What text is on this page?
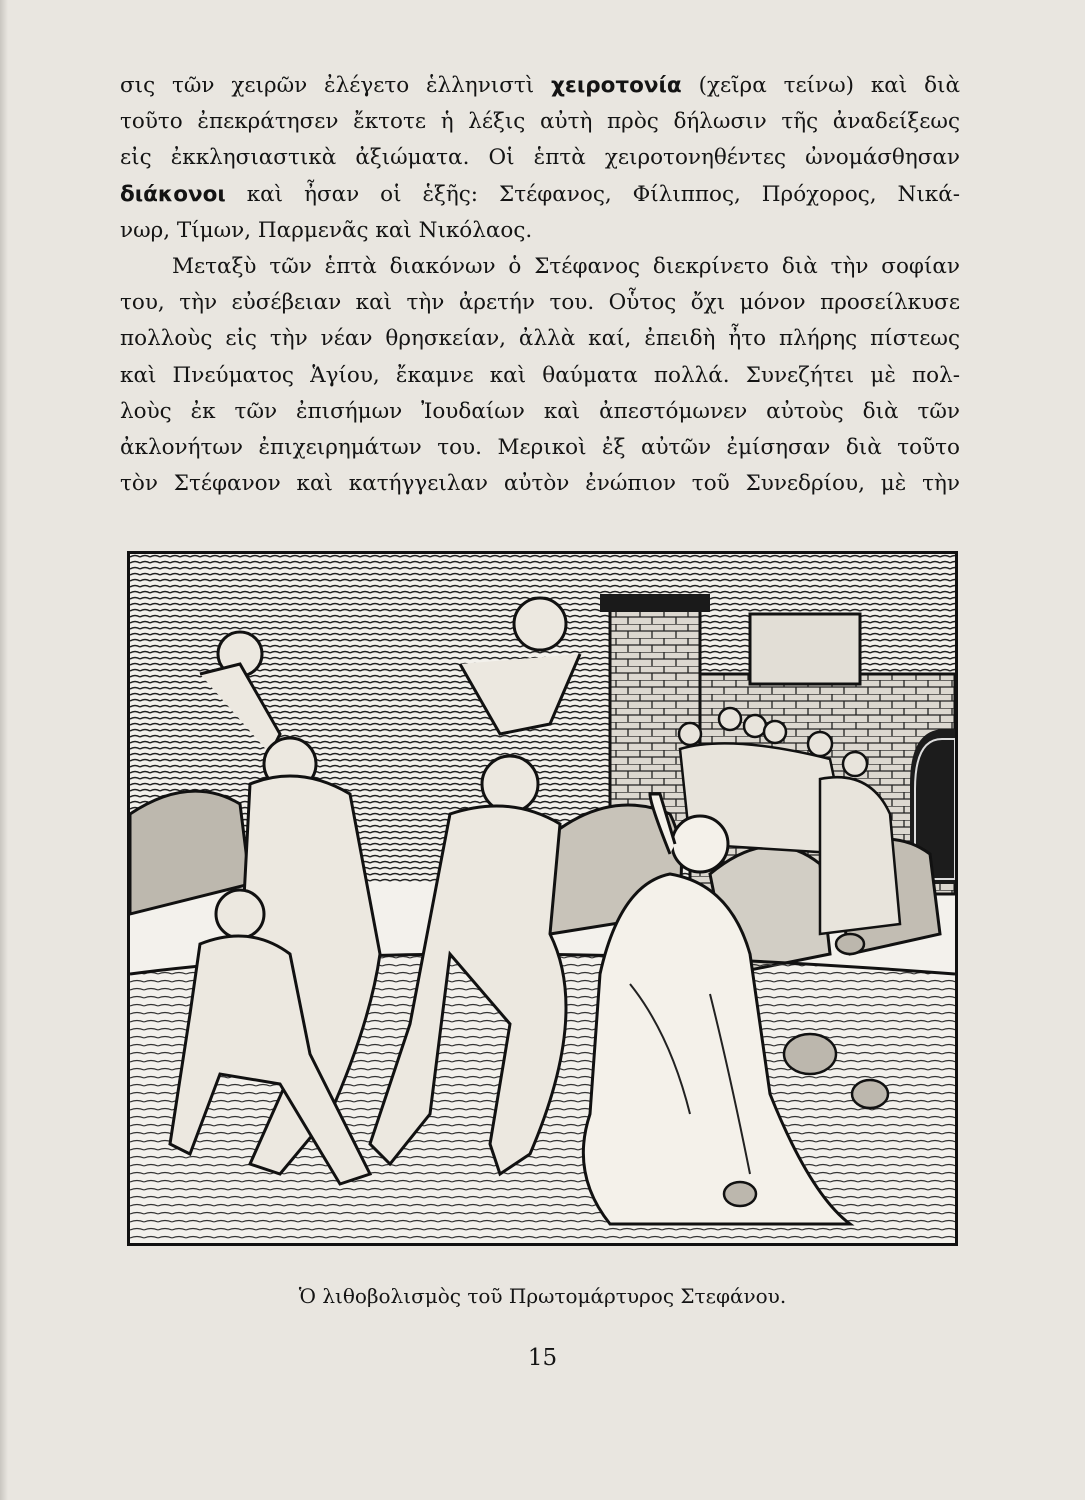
σις τῶν χειρῶν ἐλέγετο ἑλληνιστὶ χειροτονία (χεῖρα τείνω) καὶ διὰ
τοῦτο ἐπεκράτησεν ἔκτοτε ἡ λέξις αὐτὴ πρὸς δήλωσιν τῆς ἀναδείξεως
εἰς ἐκκλησιαστικὰ ἀξιώματα. Οἱ ἑπτὰ χειροτονηθέντες ὠνομάσθησαν
διάκονοι καὶ ἦσαν οἱ ἑξῆς: Στέφανος, Φίλιππος, Πρόχορος, Νικά-
νωρ, Τίμων, Παρμενᾶς καὶ Νικόλαος.

Μεταξὺ τῶν ἑπτὰ διακόνων ὁ Στέφανος διεκρίνετο διὰ τὴν σοφίαν
του, τὴν εὐσέβειαν καὶ τὴν ἀρετήν του. Οὗτος ὄχι μόνον προσείλκυσε
πολλοὺς εἰς τὴν νέαν θρησκείαν, ἀλλὰ καί, ἐπειδὴ ἦτο πλήρης πίστεως
καὶ Πνεύματος Ἁγίου, ἔκαμνε καὶ θαύματα πολλά. Συνεζήτει μὲ πολ-
λοὺς ἐκ τῶν ἐπισήμων Ἰουδαίων καὶ ἀπεστόμωνεν αὐτοὺς διὰ τῶν
ἀκλονήτων ἐπιχειρημάτων του. Μερικοὶ ἐξ αὐτῶν ἐμίσησαν διὰ τοῦτο
τὸν Στέφανον καὶ κατήγγειλαν αὐτὸν ἐνώπιον τοῦ Συνεδρίου, μὲ τὴν

Ὁ λιθοβολισμὸς τοῦ Πρωτομάρτυρος Στεφάνου.
15
